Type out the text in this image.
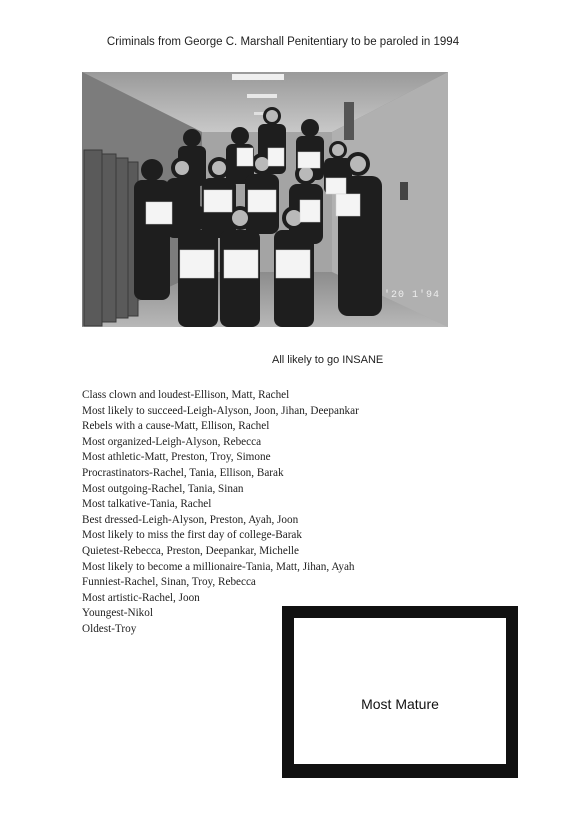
Criminals from George C. Marshall Penitentiary to be paroled in 1994
'20 1'94
All likely to go INSANE
Class clown and loudest-Ellison, Matt, Rachel
Most likely to succeed-Leigh-Alyson, Joon, Jihan, Deepankar
Rebels with a cause-Matt, Ellison, Rachel
Most organized-Leigh-Alyson, Rebecca
Most athletic-Matt, Preston, Troy, Simone
Procrastinators-Rachel, Tania, Ellison, Barak
Most outgoing-Rachel, Tania, Sinan
Most talkative-Tania, Rachel
Best dressed-Leigh-Alyson, Preston, Ayah, Joon
Most likely to miss the first day of college-Barak
Quietest-Rebecca, Preston, Deepankar, Michelle
Most likely to become a millionaire-Tania, Matt, Jihan, Ayah
Funniest-Rachel, Sinan, Troy, Rebecca
Most artistic-Rachel, Joon
Youngest-Nikol
Oldest-Troy
Most Mature
